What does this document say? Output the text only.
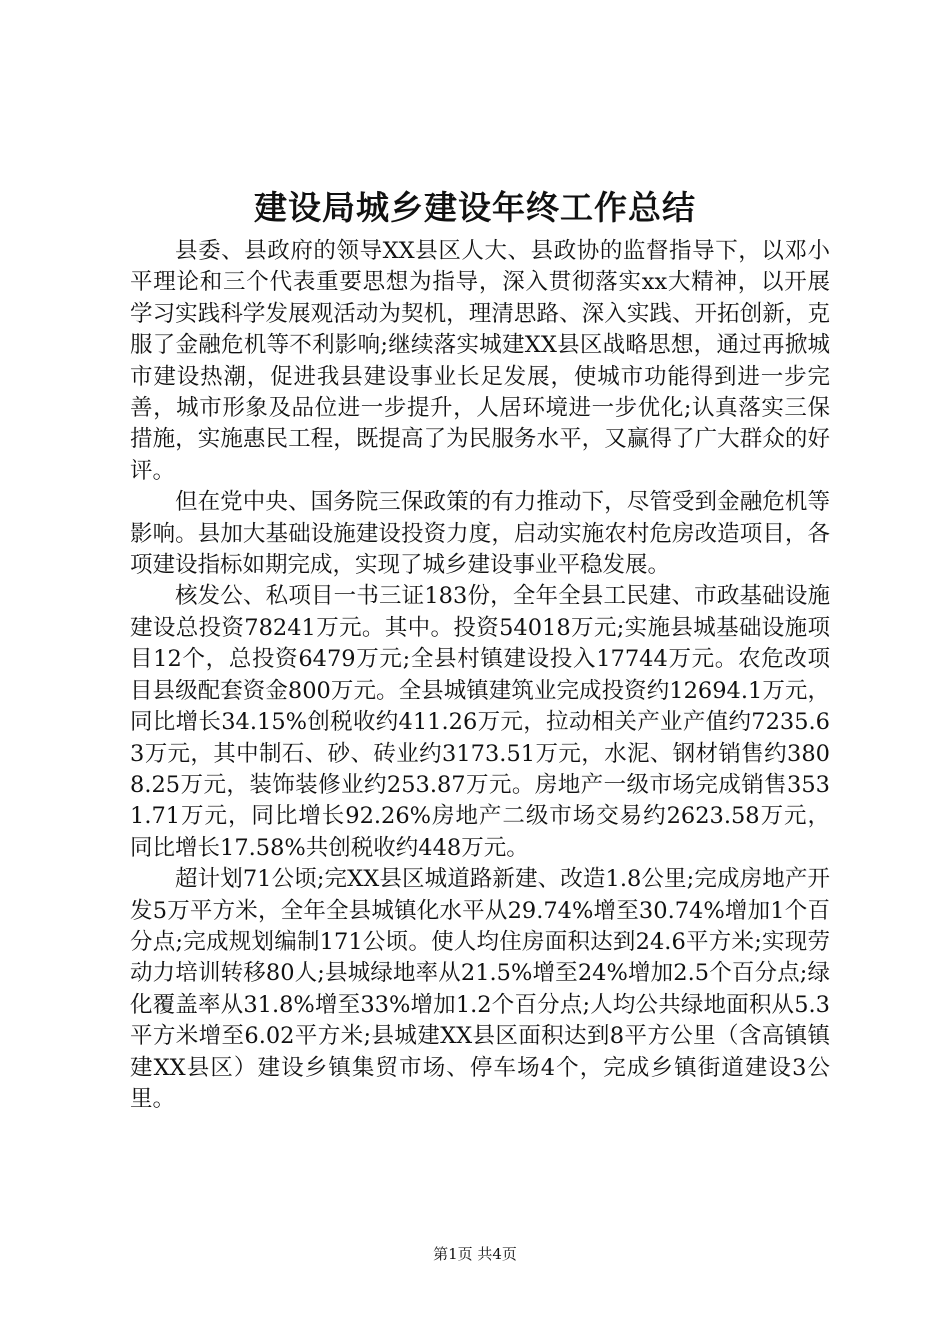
建设局城乡建设年终工作总结

县委、县政府的领导XX县区人大、县政协的监督指导下，以邓小平理论和三个代表重要思想为指导，深入贯彻落实xx大精神，以开展学习实践科学发展观活动为契机，理清思路、深入实践、开拓创新，克服了金融危机等不利影响;继续落实城建XX县区战略思想，通过再掀城市建设热潮，促进我县建设事业长足发展，使城市功能得到进一步完善，城市形象及品位进一步提升，人居环境进一步优化;认真落实三保措施，实施惠民工程，既提高了为民服务水平，又赢得了广大群众的好评。

但在党中央、国务院三保政策的有力推动下，尽管受到金融危机等影响。县加大基础设施建设投资力度，启动实施农村危房改造项目，各项建设指标如期完成，实现了城乡建设事业平稳发展。

核发公、私项目一书三证183份，全年全县工民建、市政基础设施建设总投资78241万元。其中。投资54018万元;实施县城基础设施项目12个，总投资6479万元;全县村镇建设投入17744万元。农危改项目县级配套资金800万元。全县城镇建筑业完成投资约12694.1万元，同比增长34.15%创税收约411.26万元，拉动相关产业产值约7235.63万元，其中制石、砂、砖业约3173.51万元，水泥、钢材销售约3808.25万元，装饰装修业约253.87万元。房地产一级市场完成销售3531.71万元，同比增长92.26%房地产二级市场交易约2623.58万元，同比增长17.58%共创税收约448万元。

超计划71公顷;完XX县区城道路新建、改造1.8公里;完成房地产开发5万平方米，全年全县城镇化水平从29.74%增至30.74%增加1个百分点;完成规划编制171公顷。使人均住房面积达到24.6平方米;实现劳动力培训转移80人;县城绿地率从21.5%增至24%增加2.5个百分点;绿化覆盖率从31.8%增至33%增加1.2个百分点;人均公共绿地面积从5.3平方米增至6.02平方米;县城建XX县区面积达到8平方公里（含高镇镇建XX县区）建设乡镇集贸市场、停车场4个，完成乡镇街道建设3公里。

第1页 共4页
